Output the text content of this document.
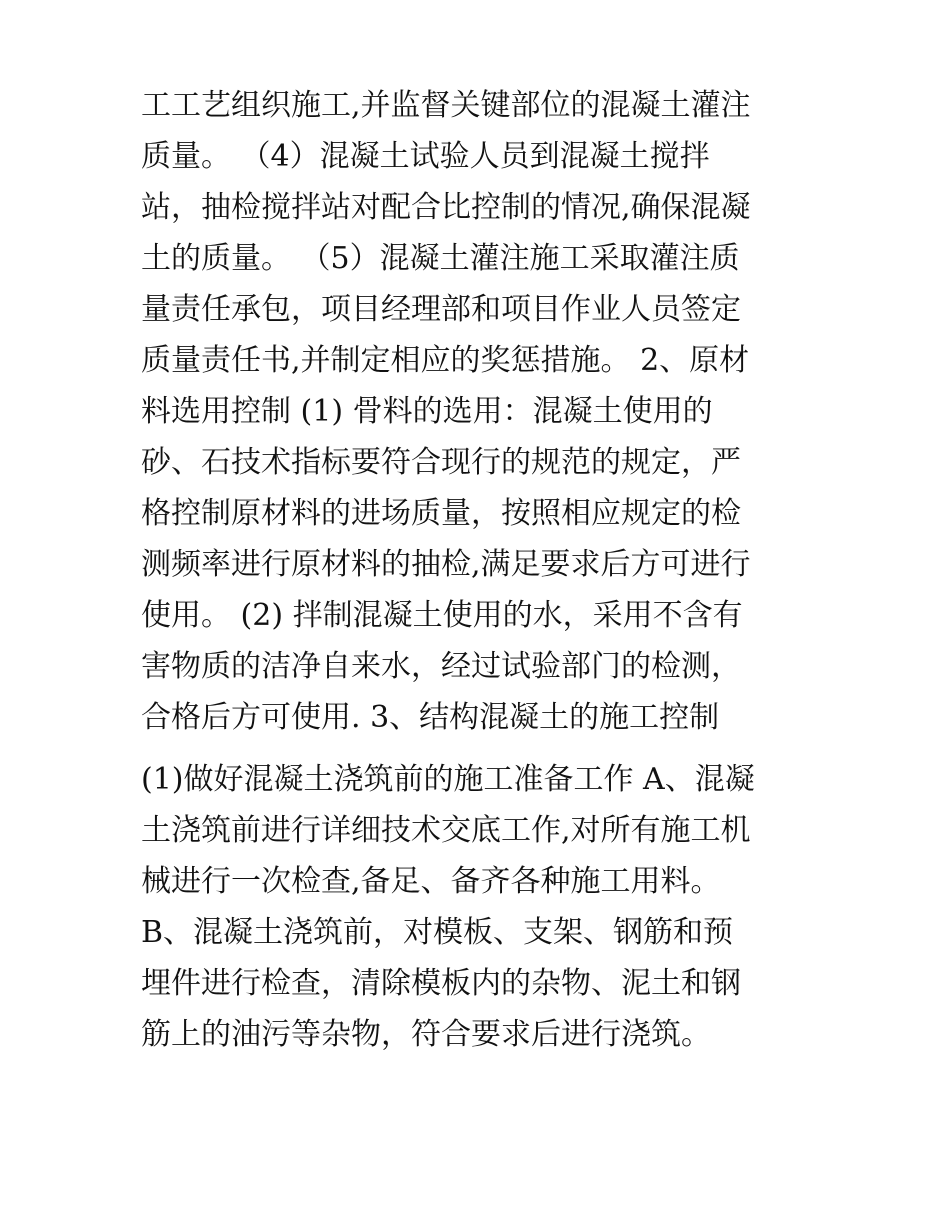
工工艺组织施工,并监督关键部位的混凝土灌注
质量。 （4）混凝土试验人员到混凝土搅拌
站，抽检搅拌站对配合比控制的情况,确保混凝
土的质量。 （5）混凝土灌注施工采取灌注质
量责任承包，项目经理部和项目作业人员签定
质量责任书,并制定相应的奖惩措施。 2、原材
料选用控制 (1) 骨料的选用：混凝土使用的
砂、石技术指标要符合现行的规范的规定，严
格控制原材料的进场质量，按照相应规定的检
测频率进行原材料的抽检,满足要求后方可进行
使用。 (2) 拌制混凝土使用的水，采用不含有
害物质的洁净自来水，经过试验部门的检测，
合格后方可使用. 3、结构混凝土的施工控制
(1)做好混凝土浇筑前的施工准备工作 A、混凝
土浇筑前进行详细技术交底工作,对所有施工机
械进行一次检查,备足、备齐各种施工用料。
B、混凝土浇筑前，对模板、支架、钢筋和预
埋件进行检查，清除模板内的杂物、泥土和钢
筋上的油污等杂物，符合要求后进行浇筑。
